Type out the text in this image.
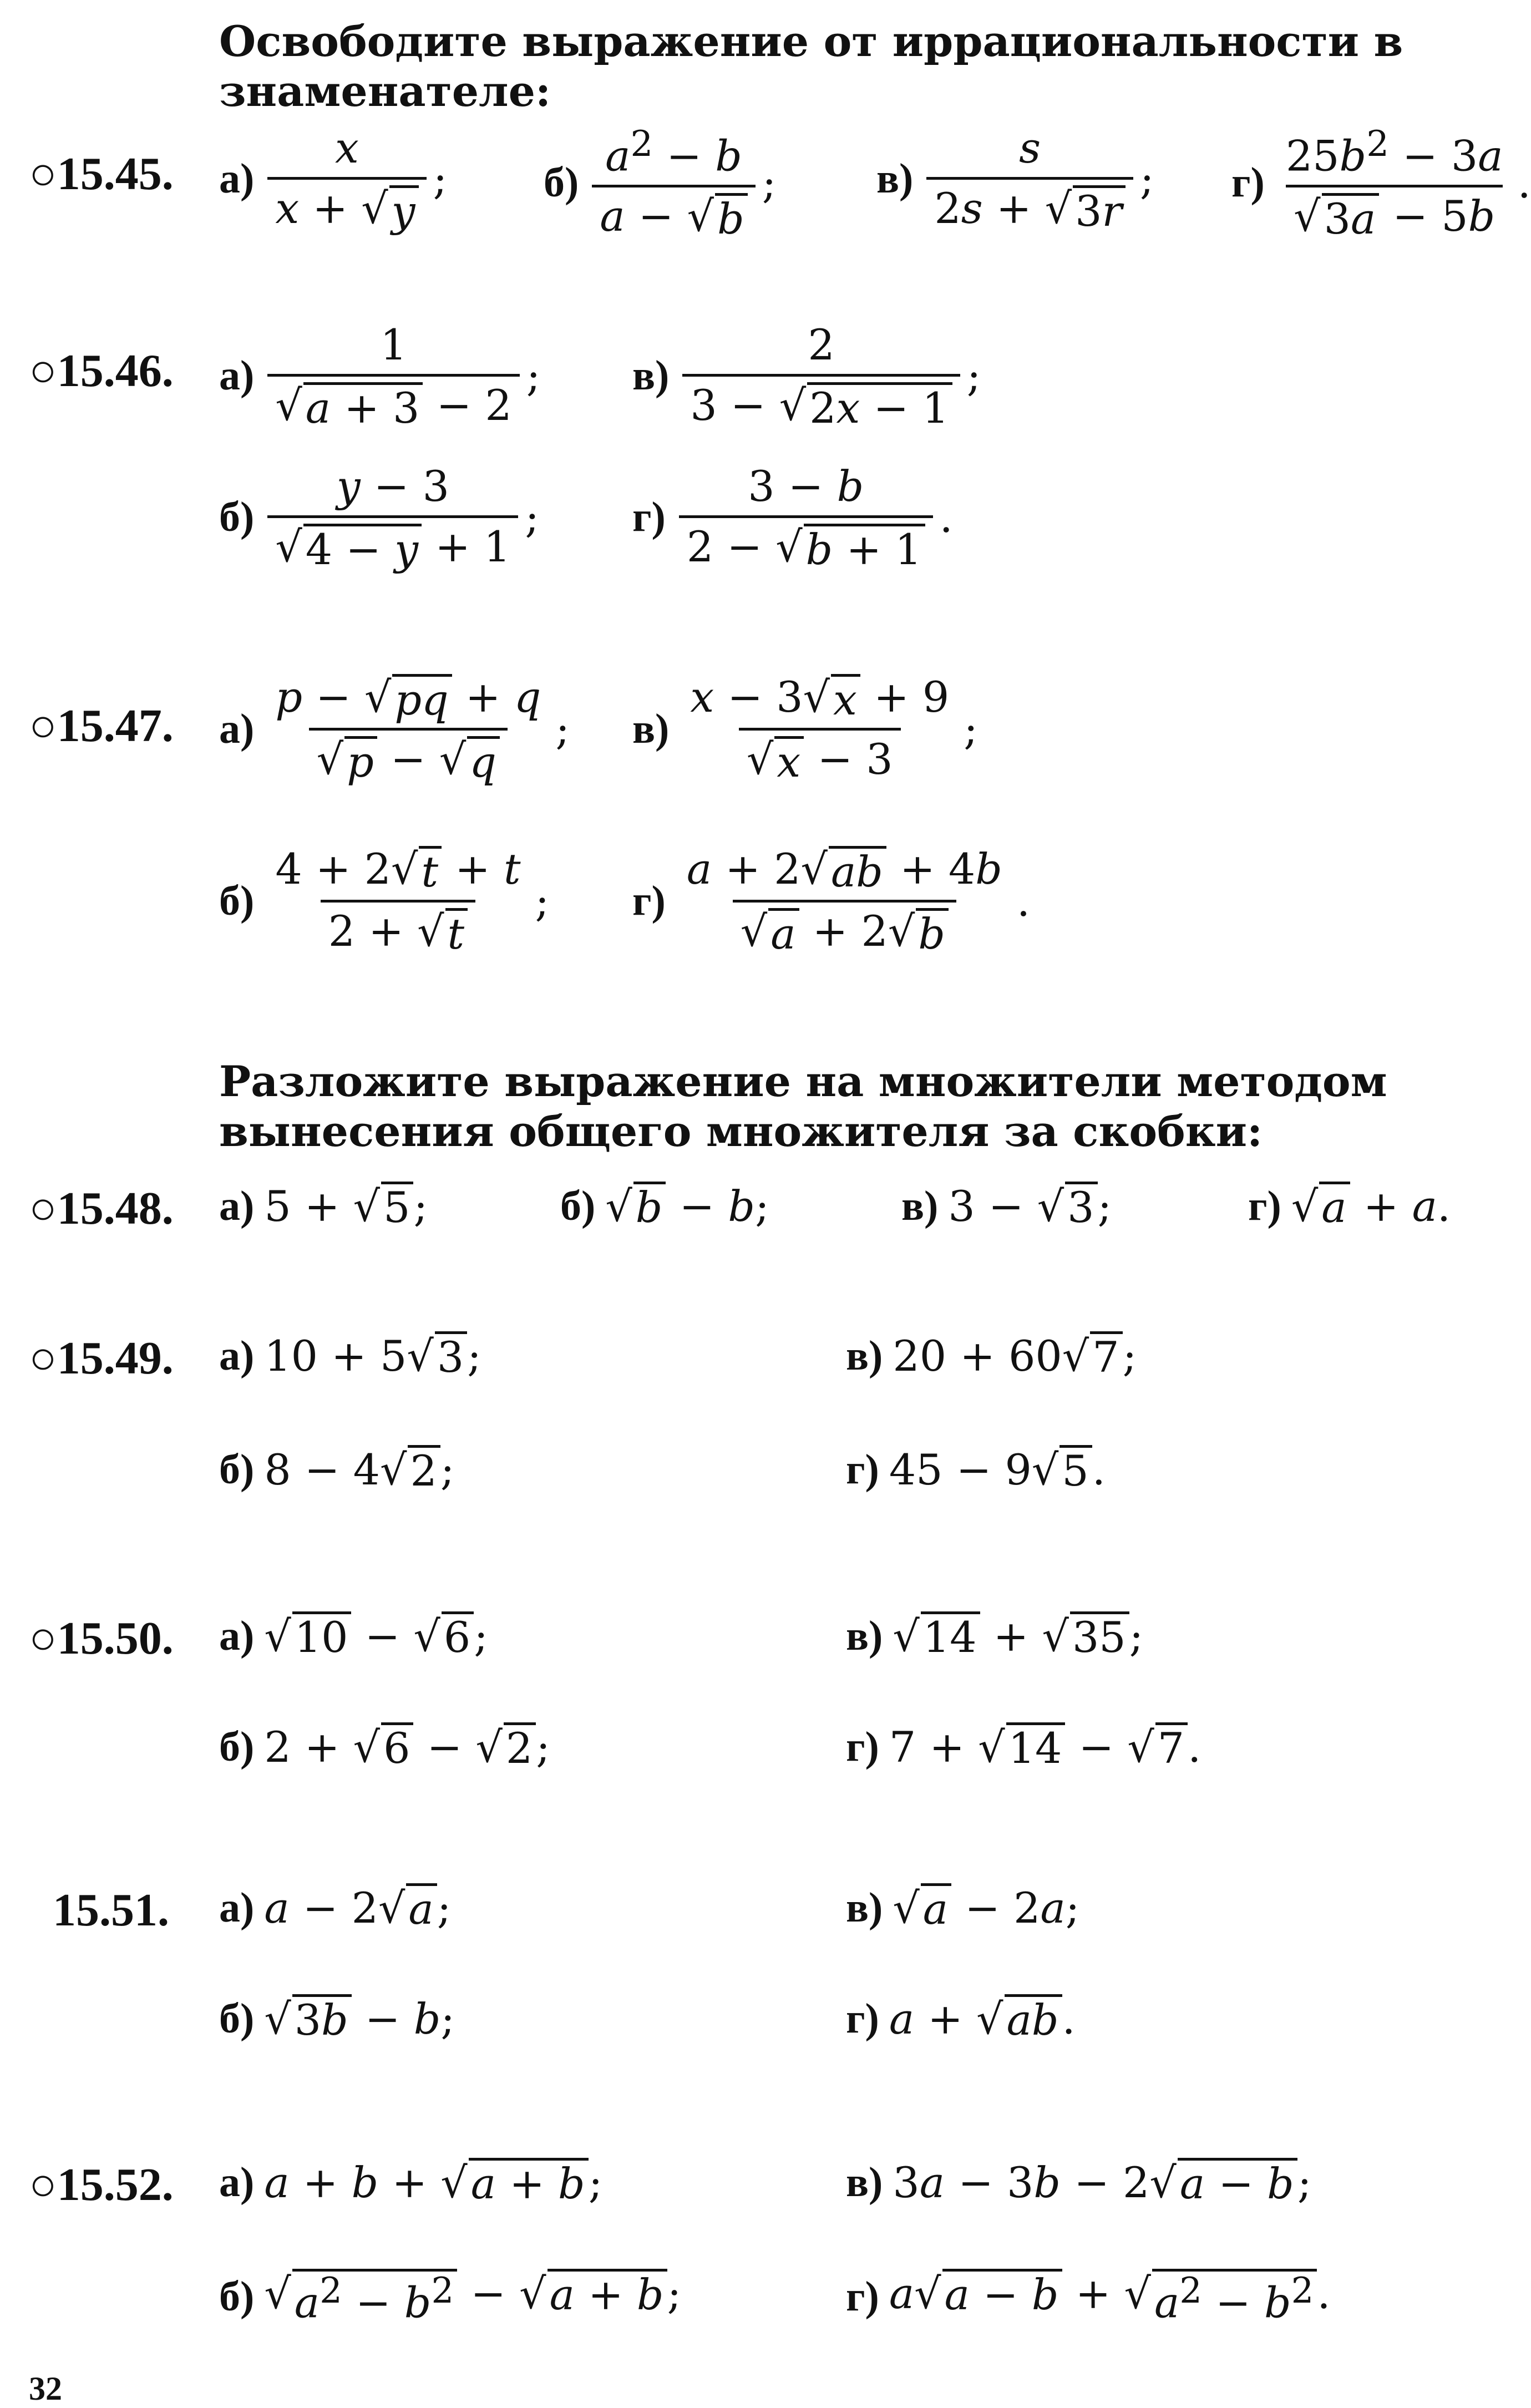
Освободите выражение от иррациональности в знаменателе:
○15.45. $а) \frac{x}{x + √ y}$ ; $б) \frac{a^2 - b}{a - √ b}$ ; $в) \frac{s}{2s + √ 3r}$ ; $г) \frac{25b^2 - 3a}{√ 3a - 5b}$ .
○15.46. $а) \frac{1}{√ a + 3 - 2}$ ; $в) \frac{2}{3 - √ 2x - 1}$ ;
$б) \frac{y - 3}{√ 4 - y + 1}$ ; $г) \frac{3 - b}{2 - √ b + 1}$ .
○15.47. $а) \frac{p - √ pq + q}{√ p - √ q}$ ; $в) \frac{x - 3 √ x + 9}{√ x - 3}$ ;
$б) \frac{4 + 2 √ t + t}{2 + √ t}$ ; $г) \frac{a + 2 √ ab + 4b}{√ a + 2 √ b}$ .
Разложите выражение на множители методом вынесения общего множителя за скобки:
○15.48. а) 5 + √ 5 ;	б) √ b − b;	в) 3 − √ 3 ;	г) √ a + a.
○15.49. а) 10 + 5 √ 3 ;	в) 20 + 60 √ 7 ;
б) 8 − 4 √ 2 ;	г) 45 − 9 √ 5 .
○15.50. а) √ 10 − √ 6 ;	в) √ 14 + √ 35 ;
б) 2 + √ 6 − √ 2 ;	г) 7 + √ 14 − √ 7 .
15.51. а) a − 2 √ a ;	в) √ a − 2a;
б) √ 3b − b;	г) a + √ ab .
○15.52. а) a + b + √ a + b ;	в) 3a − 3b − 2 √ a − b ;
б) √ $a^2 - b^2$ − √ a + b ;	г) a √ a − b + √ $a^2 - b^2$ .
32
